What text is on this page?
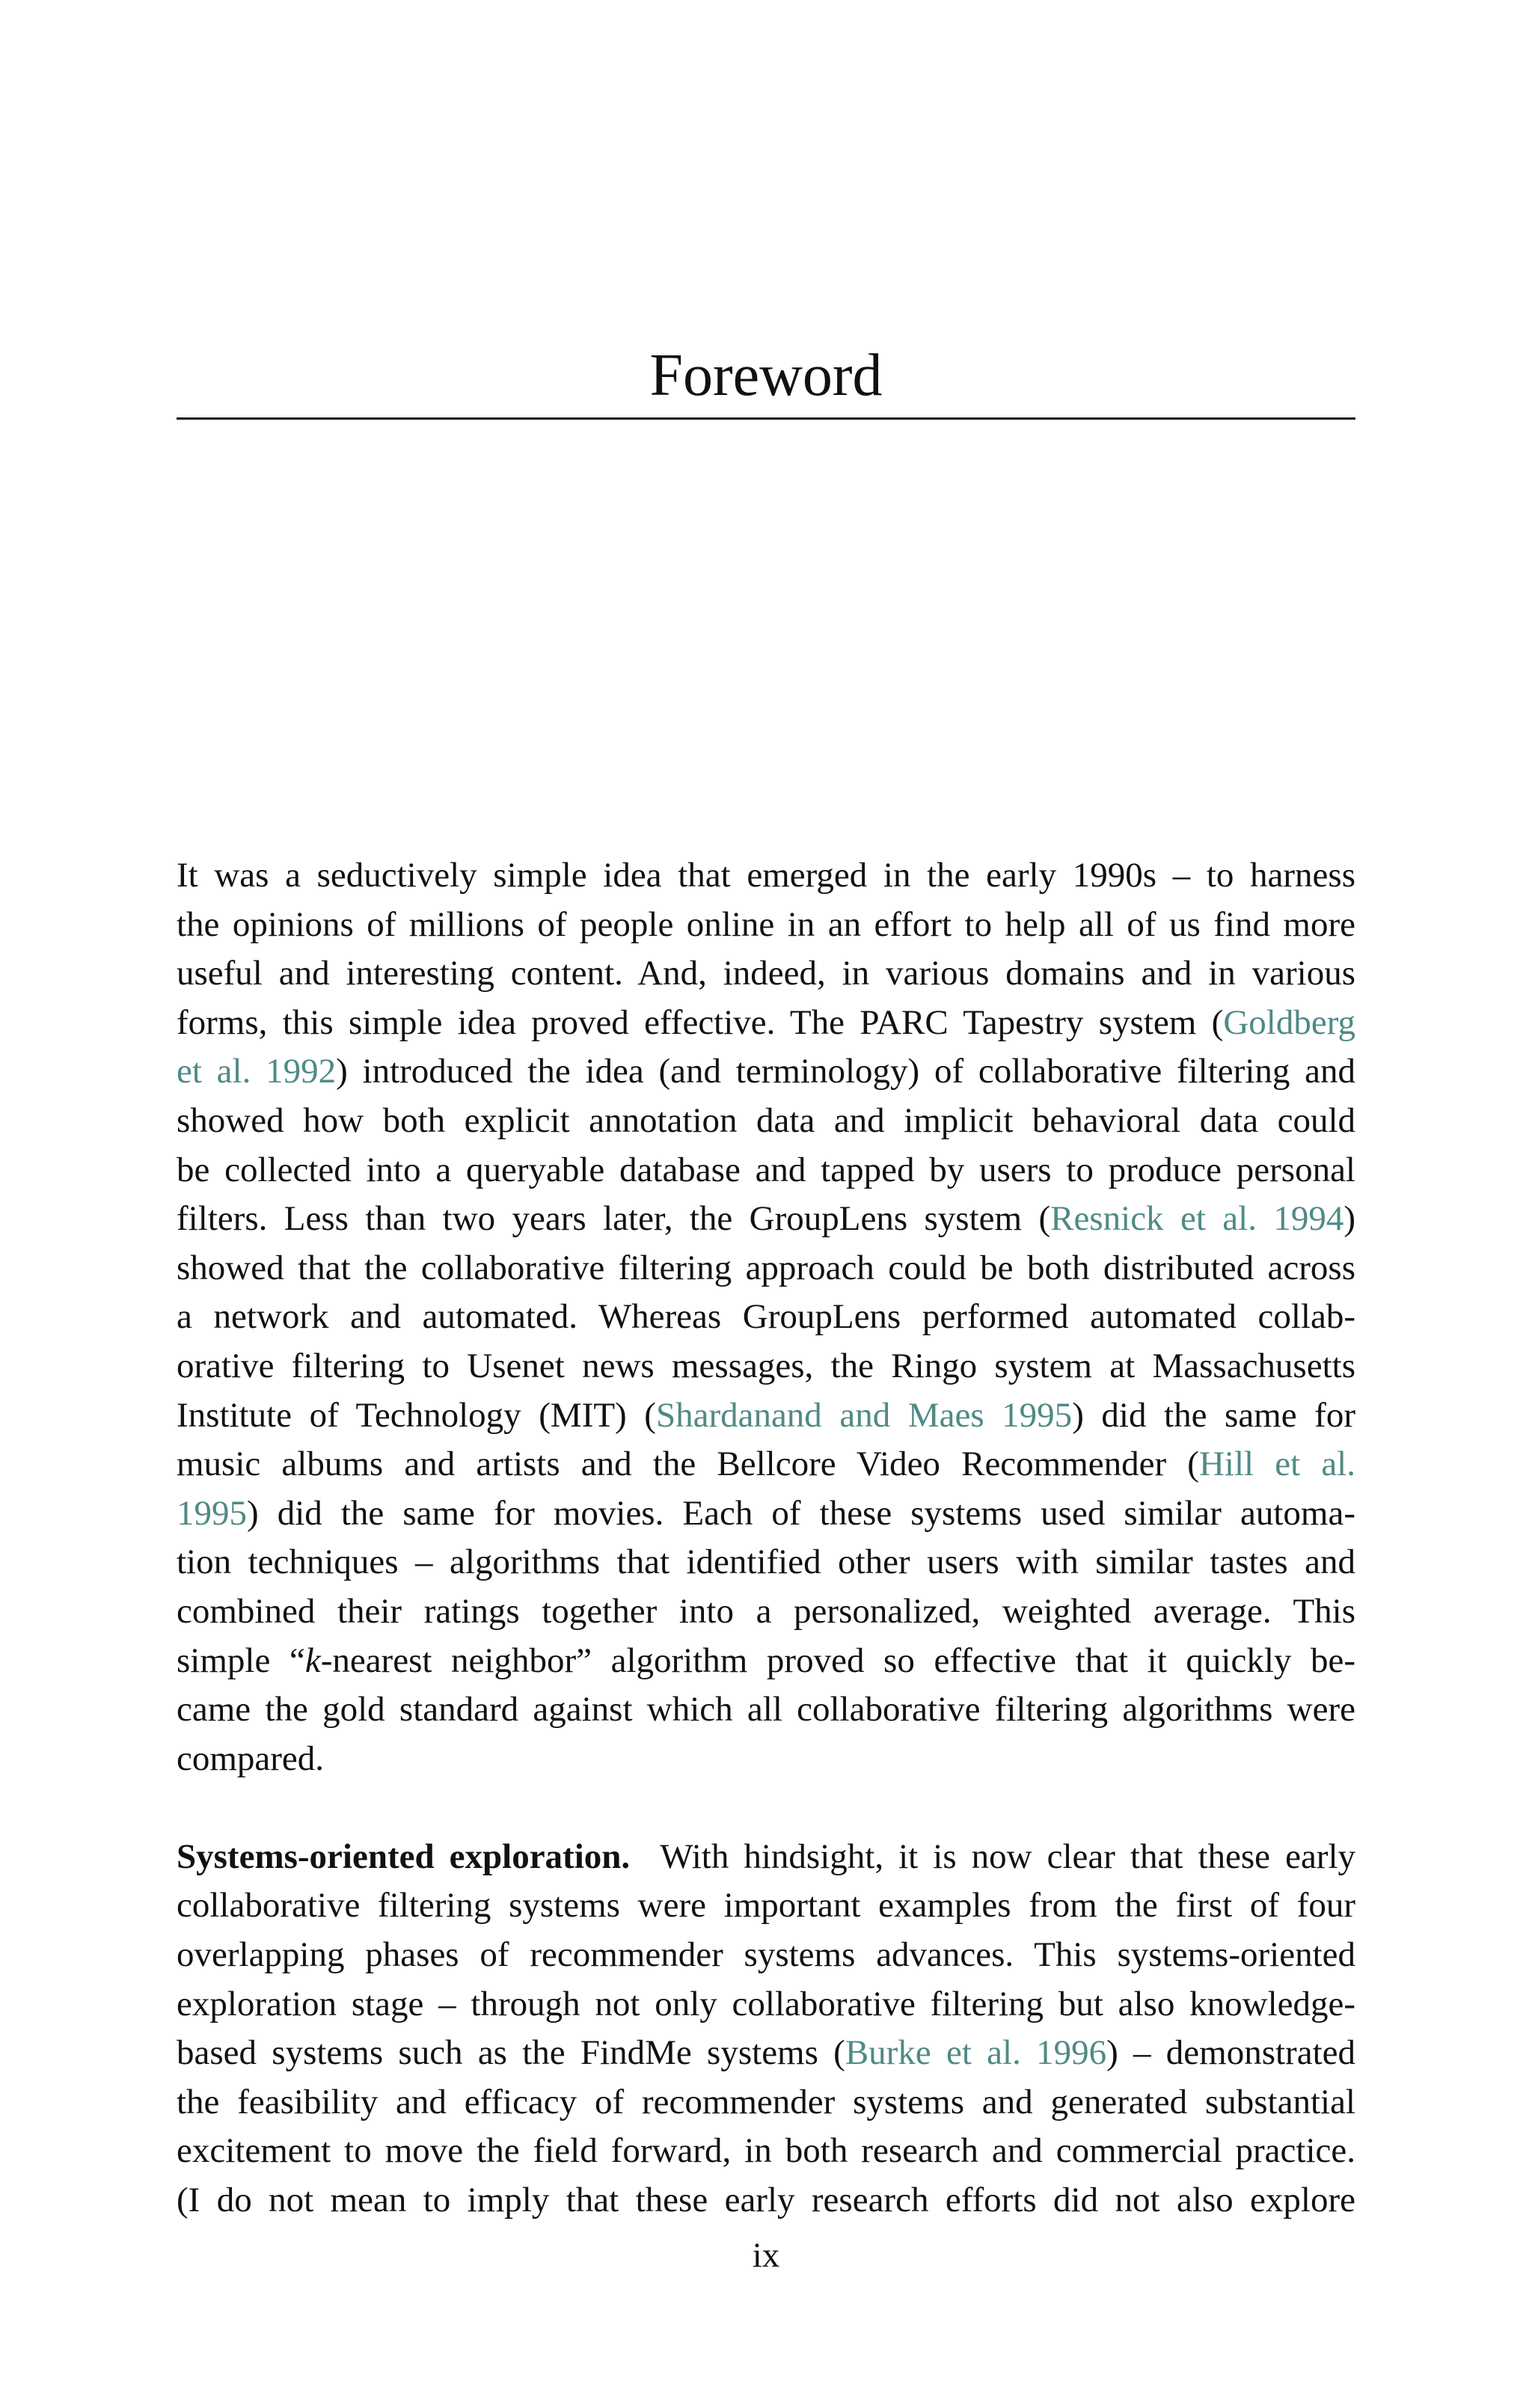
Foreword
It was a seductively simple idea that emerged in the early 1990s – to harness
the opinions of millions of people online in an effort to help all of us find more
useful and interesting content. And, indeed, in various domains and in various
forms, this simple idea proved effective. The PARC Tapestry system (Goldberg
et al. 1992) introduced the idea (and terminology) of collaborative filtering and
showed how both explicit annotation data and implicit behavioral data could
be collected into a queryable database and tapped by users to produce personal
filters. Less than two years later, the GroupLens system (Resnick et al. 1994)
showed that the collaborative filtering approach could be both distributed across
a network and automated. Whereas GroupLens performed automated collab-
orative filtering to Usenet news messages, the Ringo system at Massachusetts
Institute of Technology (MIT) (Shardanand and Maes 1995) did the same for
music albums and artists and the Bellcore Video Recommender (Hill et al.
1995) did the same for movies. Each of these systems used similar automa-
tion techniques – algorithms that identified other users with similar tastes and
combined their ratings together into a personalized, weighted average. This
simple “k-nearest neighbor” algorithm proved so effective that it quickly be-
came the gold standard against which all collaborative filtering algorithms were
compared.
Systems-oriented exploration. With hindsight, it is now clear that these early
collaborative filtering systems were important examples from the first of four
overlapping phases of recommender systems advances. This systems-oriented
exploration stage – through not only collaborative filtering but also knowledge-
based systems such as the FindMe systems (Burke et al. 1996) – demonstrated
the feasibility and efficacy of recommender systems and generated substantial
excitement to move the field forward, in both research and commercial practice.
(I do not mean to imply that these early research efforts did not also explore
ix
